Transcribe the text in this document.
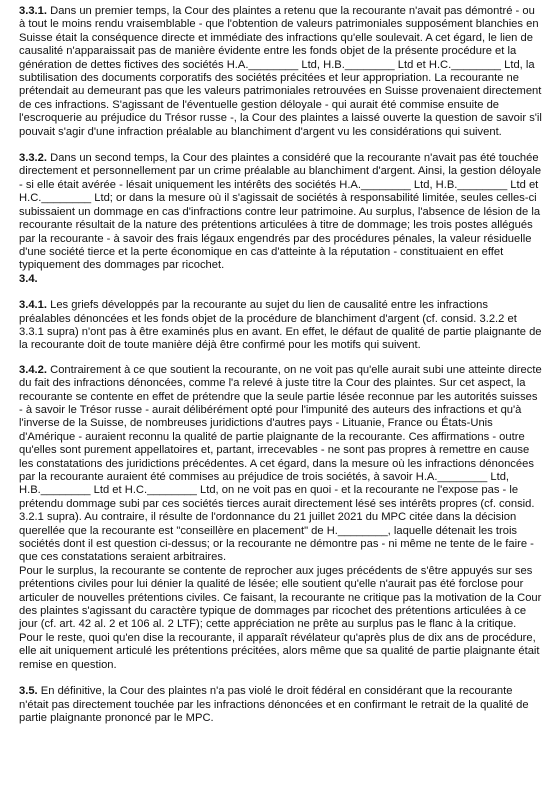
3.3.1. Dans un premier temps, la Cour des plaintes a retenu que la recourante n'avait pas démontré - ou à tout le moins rendu vraisemblable - que l'obtention de valeurs patrimoniales supposément blanchies en Suisse était la conséquence directe et immédiate des infractions qu'elle soulevait. A cet égard, le lien de causalité n'apparaissait pas de manière évidente entre les fonds objet de la présente procédure et la génération de dettes fictives des sociétés H.A.________ Ltd, H.B.________ Ltd et H.C.________ Ltd, la subtilisation des documents corporatifs des sociétés précitées et leur appropriation. La recourante ne prétendait au demeurant pas que les valeurs patrimoniales retrouvées en Suisse provenaient directement de ces infractions. S'agissant de l'éventuelle gestion déloyale - qui aurait été commise ensuite de l'escroquerie au préjudice du Trésor russe -, la Cour des plaintes a laissé ouverte la question de savoir s'il pouvait s'agir d'une infraction préalable au blanchiment d'argent vu les considérations qui suivent.

3.3.2. Dans un second temps, la Cour des plaintes a considéré que la recourante n'avait pas été touchée directement et personnellement par un crime préalable au blanchiment d'argent. Ainsi, la gestion déloyale - si elle était avérée - lésait uniquement les intérêts des sociétés H.A.________ Ltd, H.B.________ Ltd et H.C.________ Ltd; or dans la mesure où il s'agissait de sociétés à responsabilité limitée, seules celles-ci subissaient un dommage en cas d'infractions contre leur patrimoine. Au surplus, l'absence de lésion de la recourante résultait de la nature des prétentions articulées à titre de dommage; les trois postes allégués par la recourante - à savoir des frais légaux engendrés par des procédures pénales, la valeur résiduelle d'une société tierce et la perte économique en cas d'atteinte à la réputation - constituaient en effet typiquement des dommages par ricochet.

3.4.

3.4.1. Les griefs développés par la recourante au sujet du lien de causalité entre les infractions préalables dénoncées et les fonds objet de la procédure de blanchiment d'argent (cf. consid. 3.2.2 et 3.3.1 supra) n'ont pas à être examinés plus en avant. En effet, le défaut de qualité de partie plaignante de la recourante doit de toute manière déjà être confirmé pour les motifs qui suivent.

3.4.2. Contrairement à ce que soutient la recourante, on ne voit pas qu'elle aurait subi une atteinte directe du fait des infractions dénoncées, comme l'a relevé à juste titre la Cour des plaintes. Sur cet aspect, la recourante se contente en effet de prétendre que la seule partie lésée reconnue par les autorités suisses - à savoir le Trésor russe - aurait délibérément opté pour l'impunité des auteurs des infractions et qu'à l'inverse de la Suisse, de nombreuses juridictions d'autres pays - Lituanie, France ou États-Unis d'Amérique - auraient reconnu la qualité de partie plaignante de la recourante. Ces affirmations - outre qu'elles sont purement appellatoires et, partant, irrecevables - ne sont pas propres à remettre en cause les constatations des juridictions précédentes. A cet égard, dans la mesure où les infractions dénoncées par la recourante auraient été commises au préjudice de trois sociétés, à savoir H.A.________ Ltd, H.B.________ Ltd et H.C.________ Ltd, on ne voit pas en quoi - et la recourante ne l'expose pas - le prétendu dommage subi par ces sociétés tierces aurait directement lésé ses intérêts propres (cf. consid. 3.2.1 supra). Au contraire, il résulte de l'ordonnance du 21 juillet 2021 du MPC citée dans la décision querellée que la recourante est "conseillère en placement" de H.________, laquelle détenait les trois sociétés dont il est question ci-dessus; or la recourante ne démontre pas - ni même ne tente de le faire - que ces constatations seraient arbitraires.

Pour le surplus, la recourante se contente de reprocher aux juges précédents de s'être appuyés sur ses prétentions civiles pour lui dénier la qualité de lésée; elle soutient qu'elle n'aurait pas été forclose pour articuler de nouvelles prétentions civiles. Ce faisant, la recourante ne critique pas la motivation de la Cour des plaintes s'agissant du caractère typique de dommages par ricochet des prétentions articulées à ce jour (cf. art. 42 al. 2 et 106 al. 2 LTF); cette appréciation ne prête au surplus pas le flanc à la critique. Pour le reste, quoi qu'en dise la recourante, il apparaît révélateur qu'après plus de dix ans de procédure, elle ait uniquement articulé les prétentions précitées, alors même que sa qualité de partie plaignante était remise en question.

3.5. En définitive, la Cour des plaintes n'a pas violé le droit fédéral en considérant que la recourante n'était pas directement touchée par les infractions dénoncées et en confirmant le retrait de la qualité de partie plaignante prononcé par le MPC.
